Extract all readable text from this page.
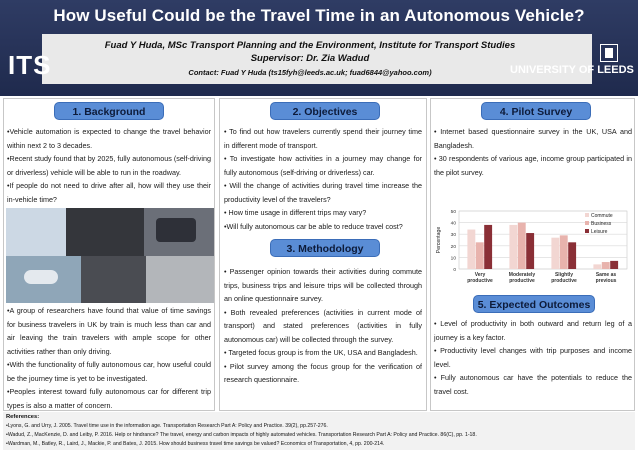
How Useful Could be the Travel Time in an Autonomous Vehicle?
Fuad Y Huda, MSc Transport Planning and the Environment, Institute for Transport Studies
Supervisor: Dr. Zia Wadud
Contact: Fuad Y Huda (ts15fyh@leeds.ac.uk; fuad6844@yahoo.com)
ITS	UNIVERSITY OF LEEDS
1. Background
•Vehicle automation is expected to change the travel behavior within next 2 to 3 decades.
•Recent study found that by 2025, fully autonomous (self-driving or driverless) vehicle will be able to run in the roadway.
•If people do not need to drive after all, how will they use their in-vehicle time?
•A group of researchers have found that value of time savings for business travelers in UK by train is much less than car and air leaving the train travelers with ample scope for other activities rather than only driving.
•With the functionality of fully autonomous car, how useful could be the journey time is yet to be investigated.
•Peoples interest toward fully autonomous car for different trip types is also a matter of concern.
2. Objectives
• To find out how travelers currently spend their journey time in different mode of transport.
• To investigate how activities in a journey may change for fully autonomous (self-driving or driverless) car.
• Will the change of activities during travel time increase the productivity level of the travelers?
• How time usage in different trips may vary?
•Will fully autonomous car be able to reduce travel cost?
3. Methodology
• Passenger opinion towards their activities during commute trips, business trips and leisure trips will be collected through an online questionnaire survey.
• Both revealed preferences (activities in current mode of transport) and stated preferences (activities in fully autonomous car) will be collected through the survey.
• Targeted focus group is from the UK, USA and Bangladesh.
• Pilot survey among the focus group for the verification of research questionnaire.
4. Pilot Survey
• Internet based questionnaire survey in the UK, USA and Bangladesh.
• 30 respondents of various age, income group participated in the pilot survey.
0
10
20
30
40
50
Percentage
Very
productive
Moderately
productive
Slightly
productive
Same as
previous
Commute
Business
Leisure
5. Expected Outcomes
• Level of productivity in both outward and return leg of a journey is a key factor.
• Productivity level changes with trip purposes and income level.
• Fully autonomous car have the potentials to reduce the travel cost.
References:
•Lyons, G. and Urry, J. 2005. Travel time use in the information age. Transportation Research Part A: Policy and Practice. 39(2), pp.257-276.
•Wadud, Z., MacKenzie, D. and Leiby, P. 2016. Help or hindrance? The travel, energy and carbon impacts of highly automated vehicles. Transportation Research Part A: Policy and Practice. 86(C), pp. 1-18.
•Wardman, M., Batley, R., Laird, J., Mackie, P. and Bates, J. 2015. How should business travel time savings be valued? Economics of Transportation, 4, pp. 200-214.
